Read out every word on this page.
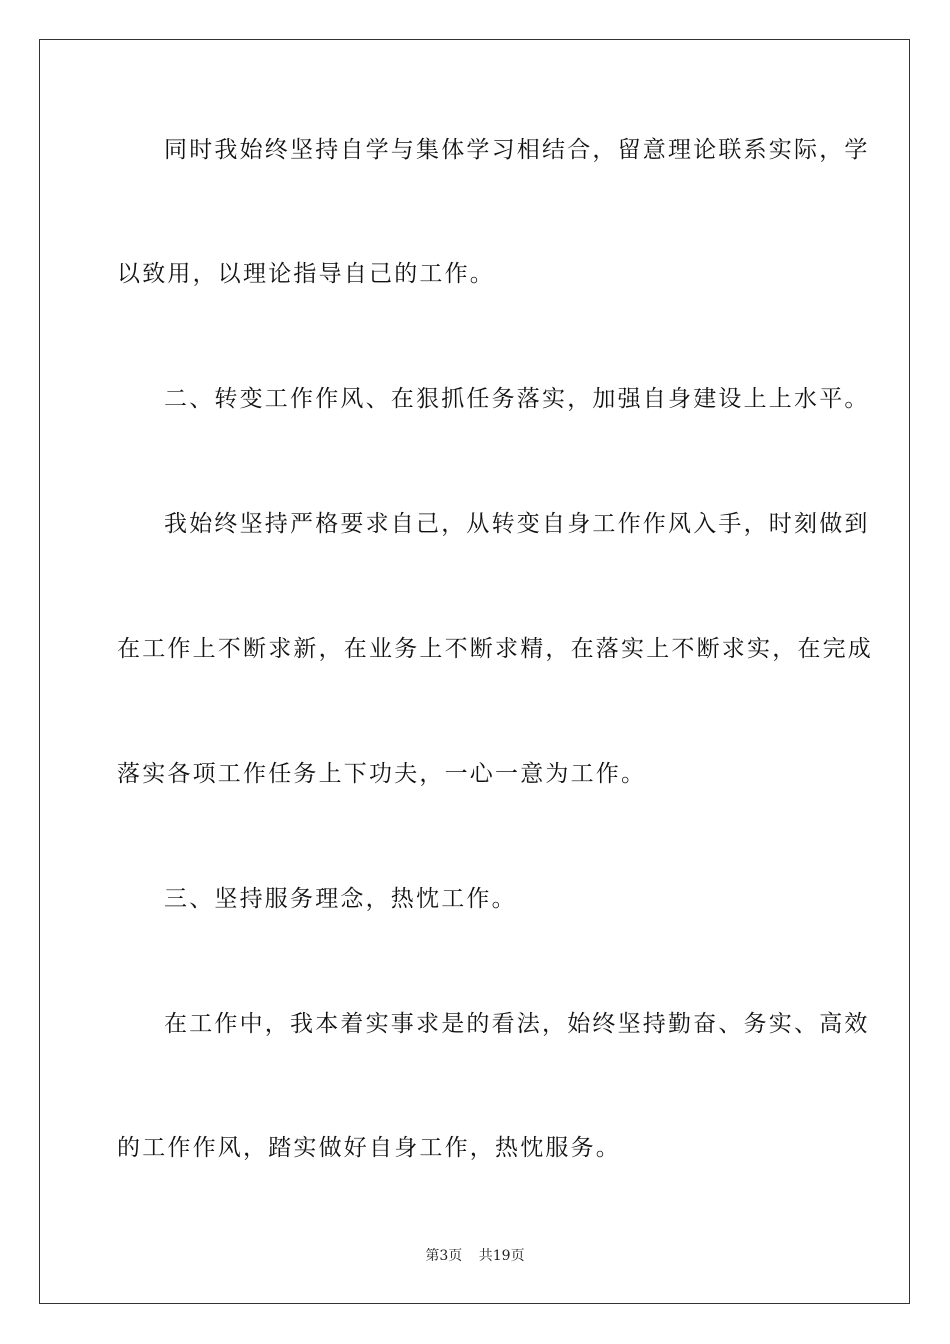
同时我始终坚持自学与集体学习相结合，留意理论联系实际，学
以致用，以理论指导自己的工作。
二、转变工作作风、在狠抓任务落实，加强自身建设上上水平。
我始终坚持严格要求自己，从转变自身工作作风入手，时刻做到
在工作上不断求新，在业务上不断求精，在落实上不断求实，在完成
落实各项工作任务上下功夫，一心一意为工作。
三、坚持服务理念，热忱工作。
在工作中，我本着实事求是的看法，始终坚持勤奋、务实、高效
的工作作风，踏实做好自身工作，热忱服务。
第3页 共19页
